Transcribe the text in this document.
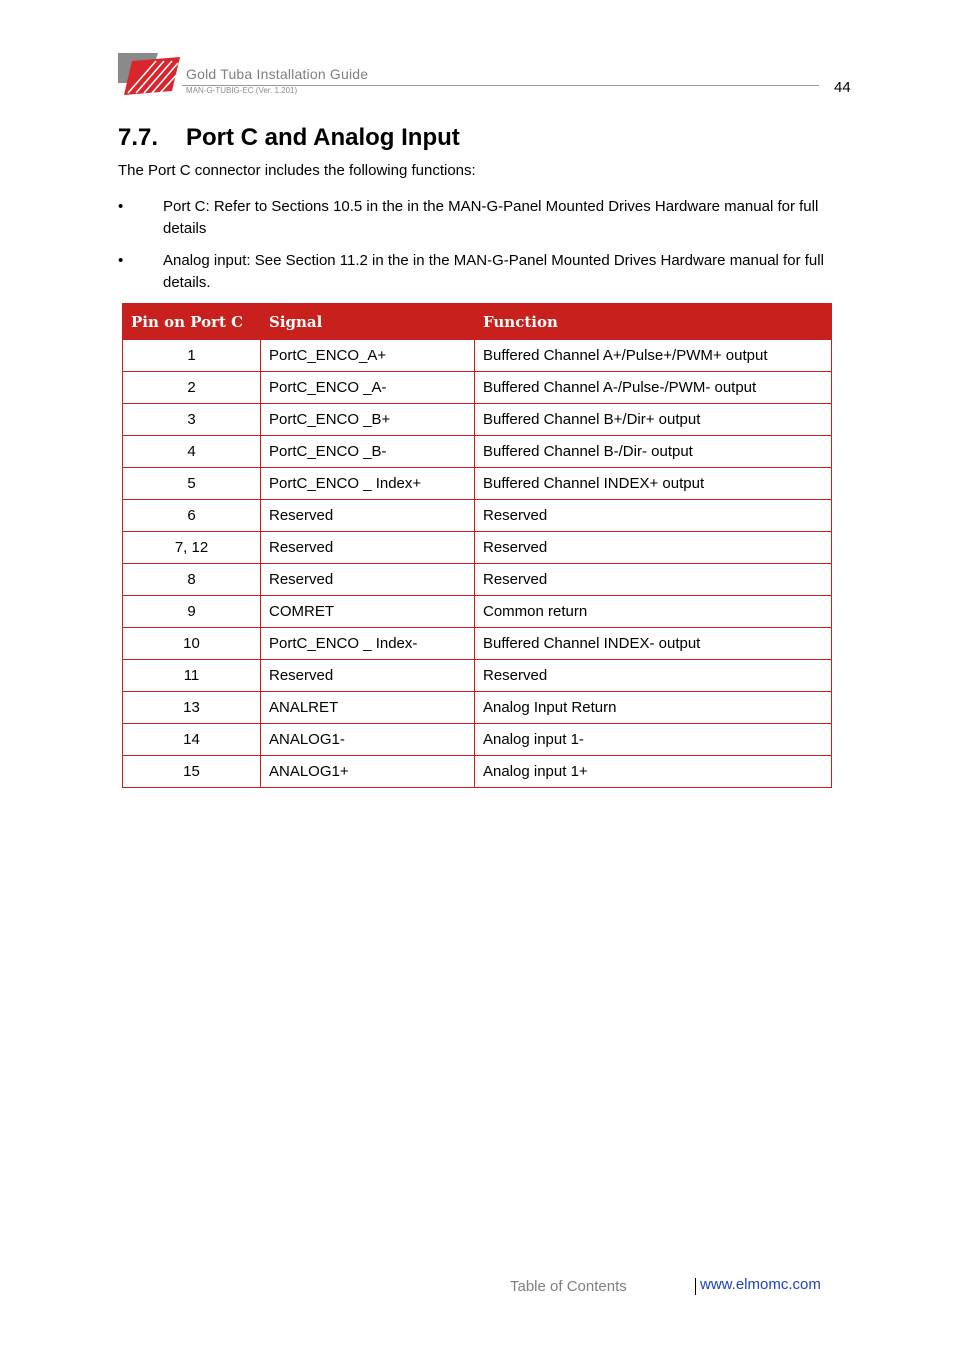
Gold Tuba Installation Guide
MAN-G-TUBIG-EC (Ver. 1.201)	44
7.7. Port C and Analog Input
The Port C connector includes the following functions:
•	Port C: Refer to Sections 10.5 in the in the MAN-G-Panel Mounted Drives Hardware manual for full details
•	Analog input: See Section 11.2 in the in the MAN-G-Panel Mounted Drives Hardware manual for full details.
Pin on Port C	Signal	Function
1	PortC_ENCO_A+	Buffered Channel A+/Pulse+/PWM+ output
2	PortC_ENCO _A-	Buffered Channel A-/Pulse-/PWM- output
3	PortC_ENCO _B+	Buffered Channel B+/Dir+ output
4	PortC_ENCO _B-	Buffered Channel B-/Dir- output
5	PortC_ENCO _ Index+	Buffered Channel INDEX+ output
6	Reserved	Reserved
7, 12	Reserved	Reserved
8	Reserved	Reserved
9	COMRET	Common return
10	PortC_ENCO _ Index-	Buffered Channel INDEX- output
11	Reserved	Reserved
13	ANALRET	Analog Input Return
14	ANALOG1-	Analog input 1-
15	ANALOG1+	Analog input 1+
Table of Contents	www.elmomc.com
